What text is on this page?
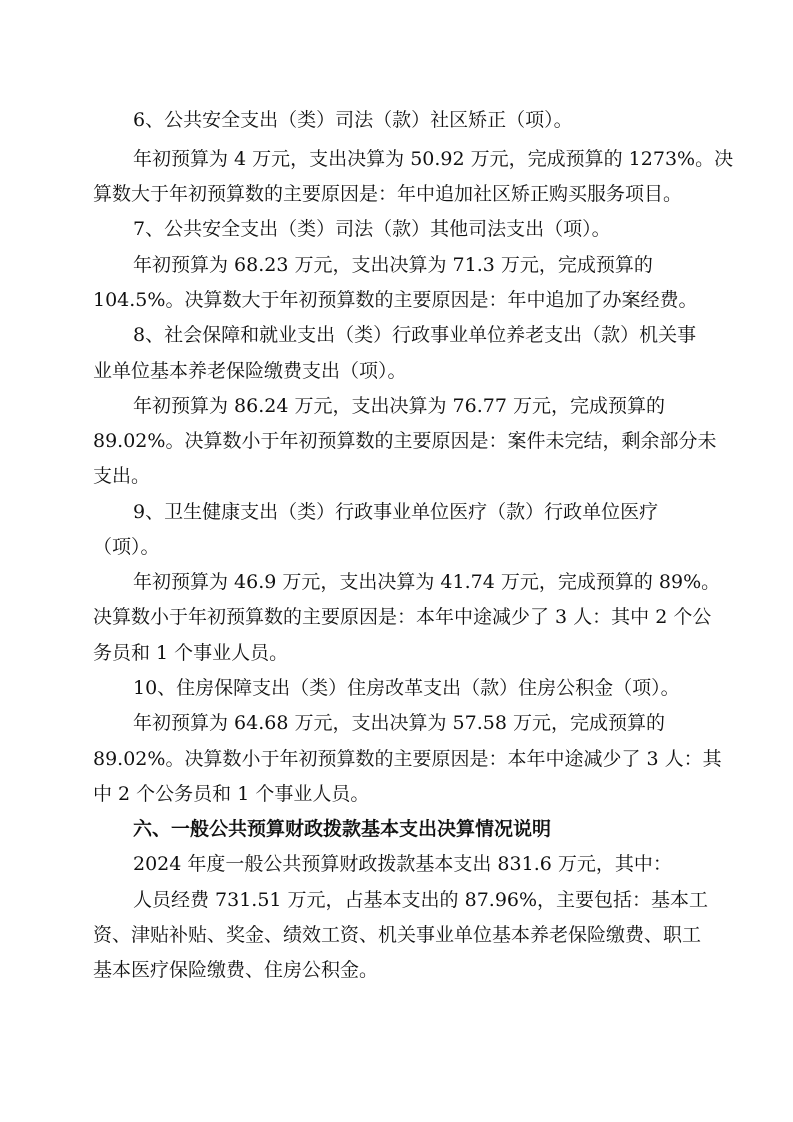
6、公共安全支出（类）司法（款）社区矫正（项）。
年初预算为 4 万元，支出决算为 50.92 万元，完成预算的 1273%。决
算数大于年初预算数的主要原因是：年中追加社区矫正购买服务项目。
7、公共安全支出（类）司法（款）其他司法支出（项）。
年初预算为 68.23 万元，支出决算为 71.3 万元，完成预算的
104.5%。决算数大于年初预算数的主要原因是：年中追加了办案经费。
8、社会保障和就业支出（类）行政事业单位养老支出（款）机关事
业单位基本养老保险缴费支出（项）。
年初预算为 86.24 万元，支出决算为 76.77 万元，完成预算的
89.02%。决算数小于年初预算数的主要原因是：案件未完结，剩余部分未
支出。
9、卫生健康支出（类）行政事业单位医疗（款）行政单位医疗
（项）。
年初预算为 46.9 万元，支出决算为 41.74 万元，完成预算的 89%。
决算数小于年初预算数的主要原因是：本年中途减少了 3 人：其中 2 个公
务员和 1 个事业人员。
10、住房保障支出（类）住房改革支出（款）住房公积金（项）。
年初预算为 64.68 万元，支出决算为 57.58 万元，完成预算的
89.02%。决算数小于年初预算数的主要原因是：本年中途减少了 3 人：其
中 2 个公务员和 1 个事业人员。
六、一般公共预算财政拨款基本支出决算情况说明
2024 年度一般公共预算财政拨款基本支出 831.6 万元，其中：
人员经费 731.51 万元，占基本支出的 87.96%，主要包括：基本工
资、津贴补贴、奖金、绩效工资、机关事业单位基本养老保险缴费、职工
基本医疗保险缴费、住房公积金。
